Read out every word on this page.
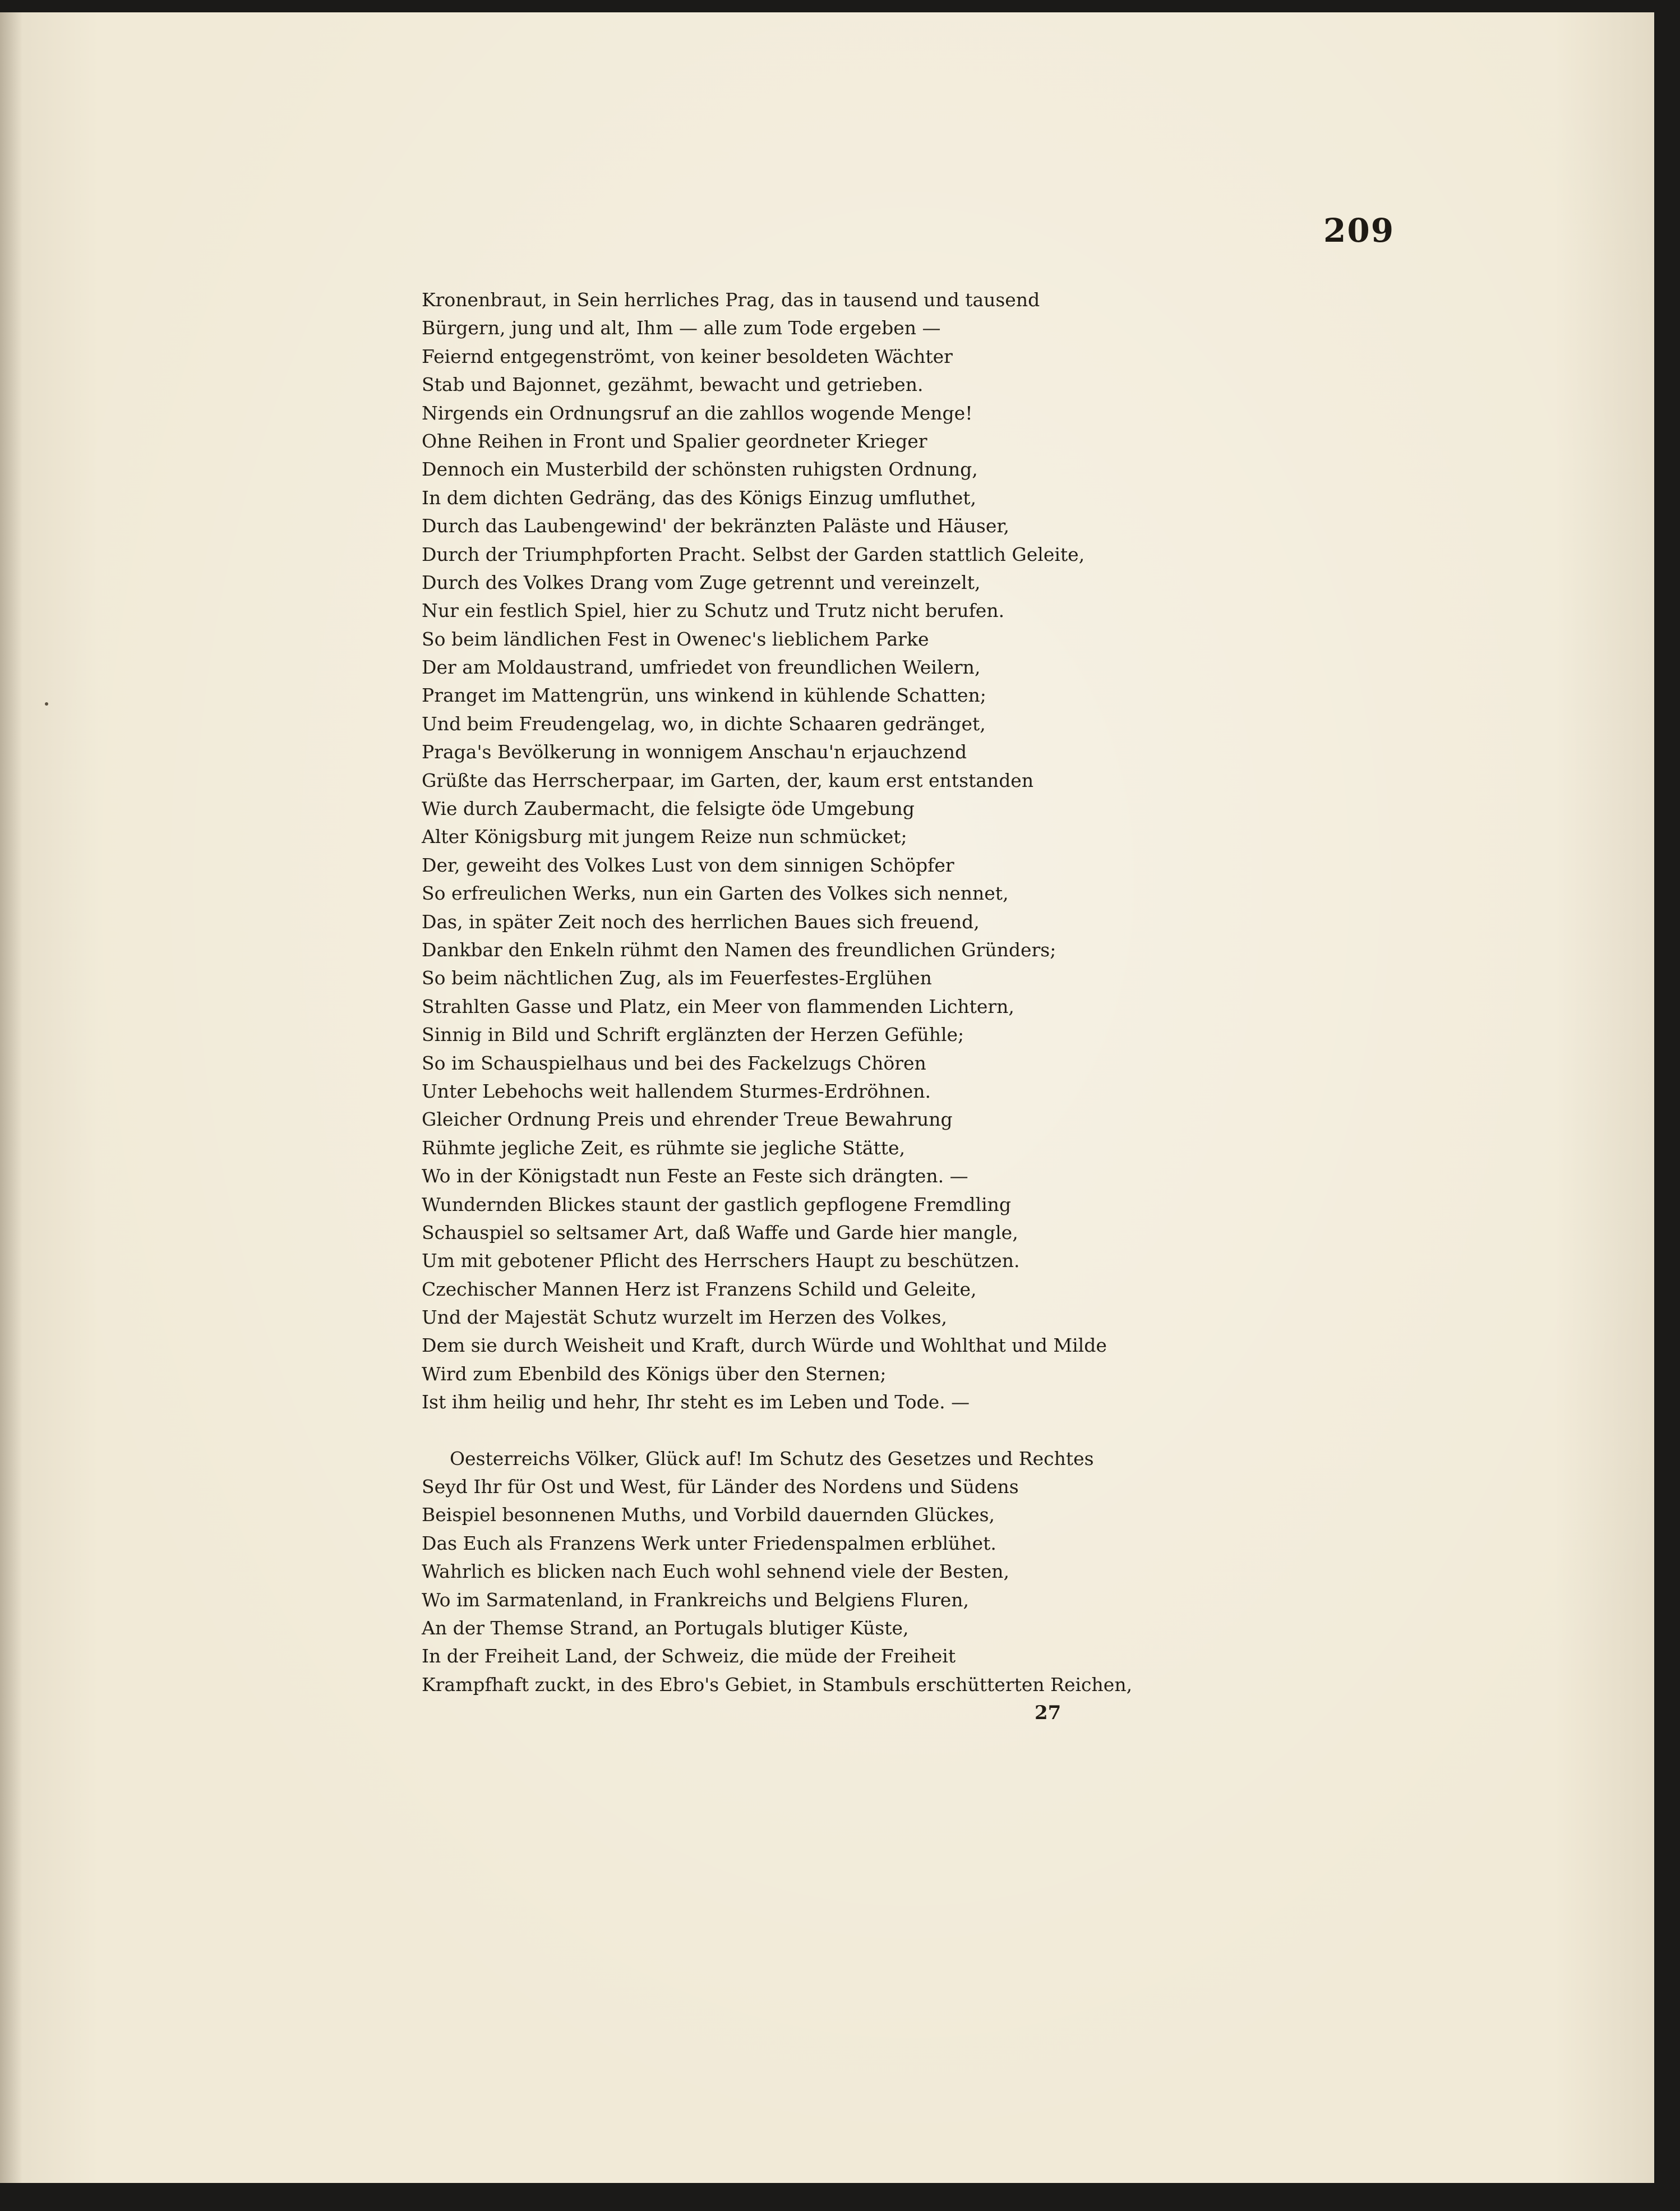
209
Kronenbraut, in Sein herrliches Prag, das in tausend und tausend
Bürgern, jung und alt, Ihm — alle zum Tode ergeben —
Feiernd entgegenströmt, von keiner besoldeten Wächter
Stab und Bajonnet, gezähmt, bewacht und getrieben.
Nirgends ein Ordnungsruf an die zahllos wogende Menge!
Ohne Reihen in Front und Spalier geordneter Krieger
Dennoch ein Musterbild der schönsten ruhigsten Ordnung,
In dem dichten Gedräng, das des Königs Einzug umfluthet,
Durch das Laubengewind' der bekränzten Paläste und Häuser,
Durch der Triumphpforten Pracht. Selbst der Garden stattlich Geleite,
Durch des Volkes Drang vom Zuge getrennt und vereinzelt,
Nur ein festlich Spiel, hier zu Schutz und Trutz nicht berufen.
So beim ländlichen Fest in Owenec's lieblichem Parke
Der am Moldaustrand, umfriedet von freundlichen Weilern,
Pranget im Mattengrün, uns winkend in kühlende Schatten;
Und beim Freudengelag, wo, in dichte Schaaren gedränget,
Praga's Bevölkerung in wonnigem Anschau'n erjauchzend
Grüßte das Herrscherpaar, im Garten, der, kaum erst entstanden
Wie durch Zaubermacht, die felsigte öde Umgebung
Alter Königsburg mit jungem Reize nun schmücket;
Der, geweiht des Volkes Lust von dem sinnigen Schöpfer
So erfreulichen Werks, nun ein Garten des Volkes sich nennet,
Das, in später Zeit noch des herrlichen Baues sich freuend,
Dankbar den Enkeln rühmt den Namen des freundlichen Gründers;
So beim nächtlichen Zug, als im Feuerfestes-Erglühen
Strahlten Gasse und Platz, ein Meer von flammenden Lichtern,
Sinnig in Bild und Schrift erglänzten der Herzen Gefühle;
So im Schauspielhaus und bei des Fackelzugs Chören
Unter Lebehochs weit hallendem Sturmes-Erdröhnen.
Gleicher Ordnung Preis und ehrender Treue Bewahrung
Rühmte jegliche Zeit, es rühmte sie jegliche Stätte,
Wo in der Königstadt nun Feste an Feste sich drängten. —
Wundernden Blickes staunt der gastlich gepflogene Fremdling
Schauspiel so seltsamer Art, daß Waffe und Garde hier mangle,
Um mit gebotener Pflicht des Herrschers Haupt zu beschützen.
Czechischer Mannen Herz ist Franzens Schild und Geleite,
Und der Majestät Schutz wurzelt im Herzen des Volkes,
Dem sie durch Weisheit und Kraft, durch Würde und Wohlthat und Milde
Wird zum Ebenbild des Königs über den Sternen;
Ist ihm heilig und hehr, Ihr steht es im Leben und Tode. —
Oesterreichs Völker, Glück auf! Im Schutz des Gesetzes und Rechtes
Seyd Ihr für Ost und West, für Länder des Nordens und Südens
Beispiel besonnenen Muths, und Vorbild dauernden Glückes,
Das Euch als Franzens Werk unter Friedenspalmen erblühet.
Wahrlich es blicken nach Euch wohl sehnend viele der Besten,
Wo im Sarmatenland, in Frankreichs und Belgiens Fluren,
An der Themse Strand, an Portugals blutiger Küste,
In der Freiheit Land, der Schweiz, die müde der Freiheit
Krampfhaft zuckt, in des Ebro's Gebiet, in Stambuls erschütterten Reichen,
27
